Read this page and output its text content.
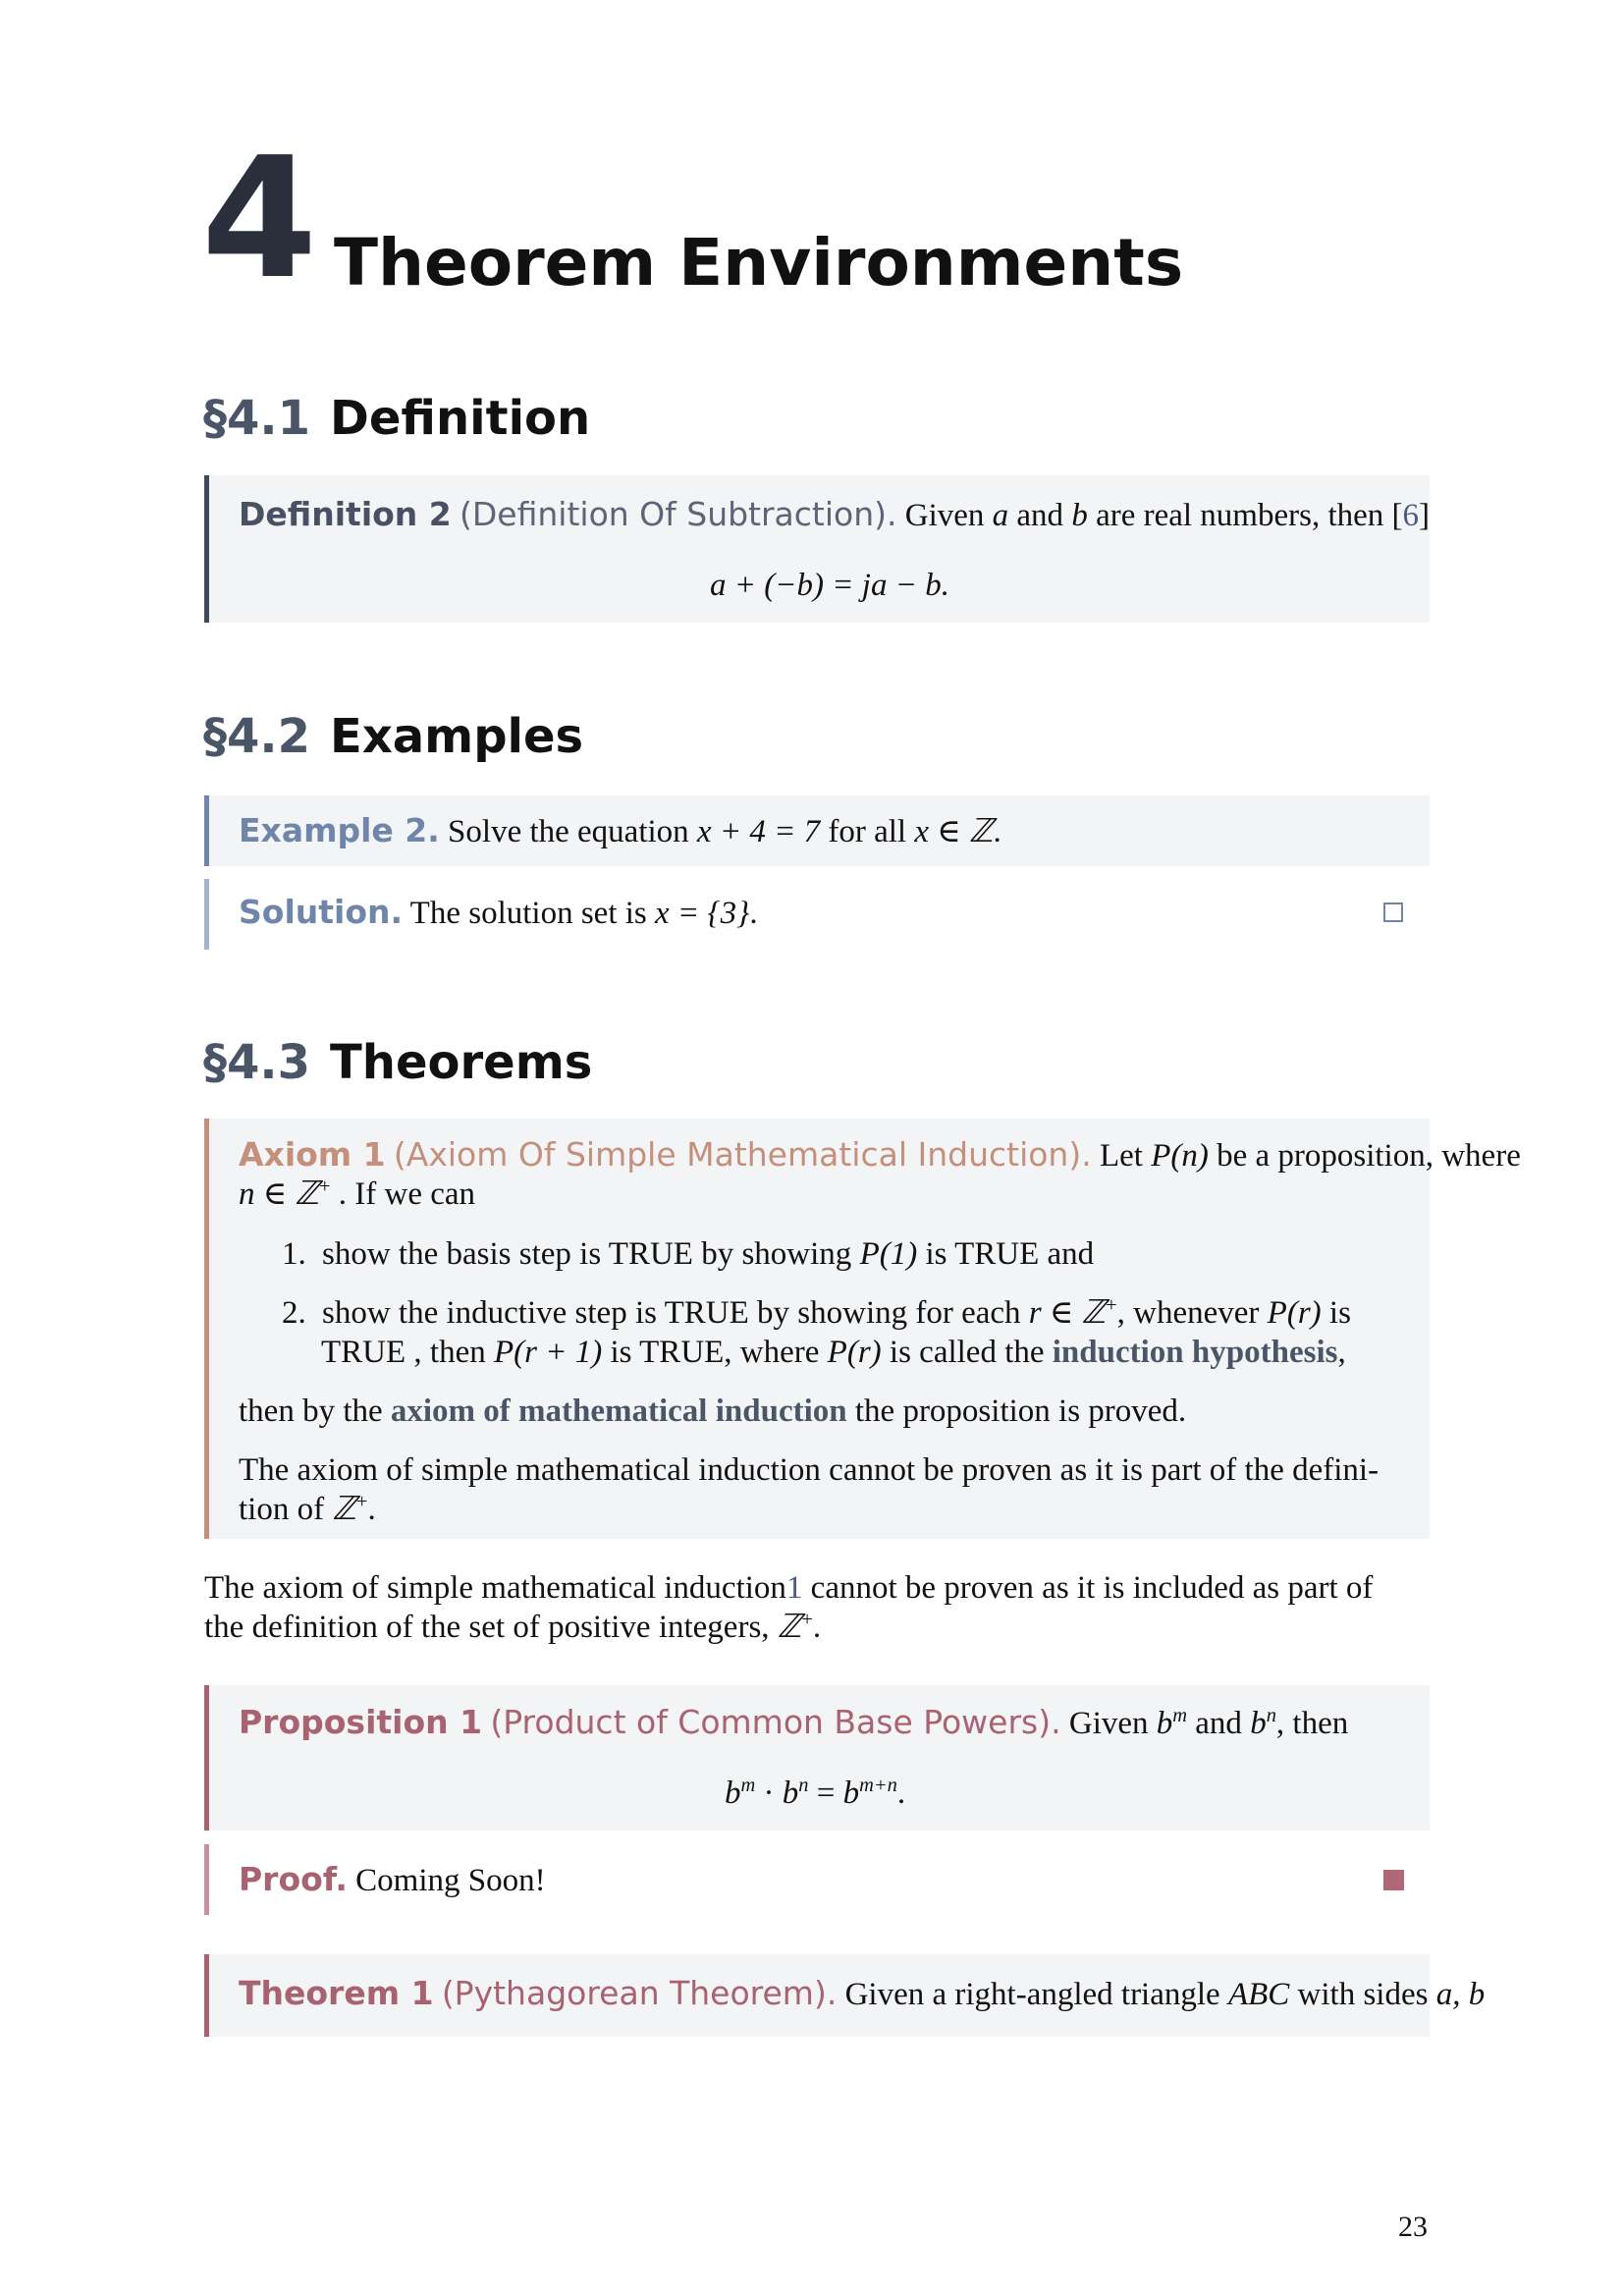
4 Theorem Environments
§4.1 Definition
Definition 2 (Definition Of Subtraction). Given a and b are real numbers, then [6]
a + (−b) = ja − b.
§4.2 Examples
Example 2. Solve the equation x + 4 = 7 for all x ∈ ℤ.
Solution. The solution set is x = {3}.
§4.3 Theorems
Axiom 1 (Axiom Of Simple Mathematical Induction). Let P(n) be a proposition, where
n ∈ ℤ+ . If we can
1. show the basis step is TRUE by showing P(1) is TRUE and
2. show the inductive step is TRUE by showing for each r ∈ ℤ+, whenever P(r) is
TRUE , then P(r + 1) is TRUE, where P(r) is called the induction hypothesis,
then by the axiom of mathematical induction the proposition is proved.
The axiom of simple mathematical induction cannot be proven as it is part of the defini-
tion of ℤ+.
The axiom of simple mathematical induction1 cannot be proven as it is included as part of
the definition of the set of positive integers, ℤ+.
Proposition 1 (Product of Common Base Powers). Given $b^m$ and $b^n$, then
$b^m \cdot b^n = b^{m+n}$.
Proof. Coming Soon!
Theorem 1 (Pythagorean Theorem). Given a right-angled triangle ABC with sides a, b
23
